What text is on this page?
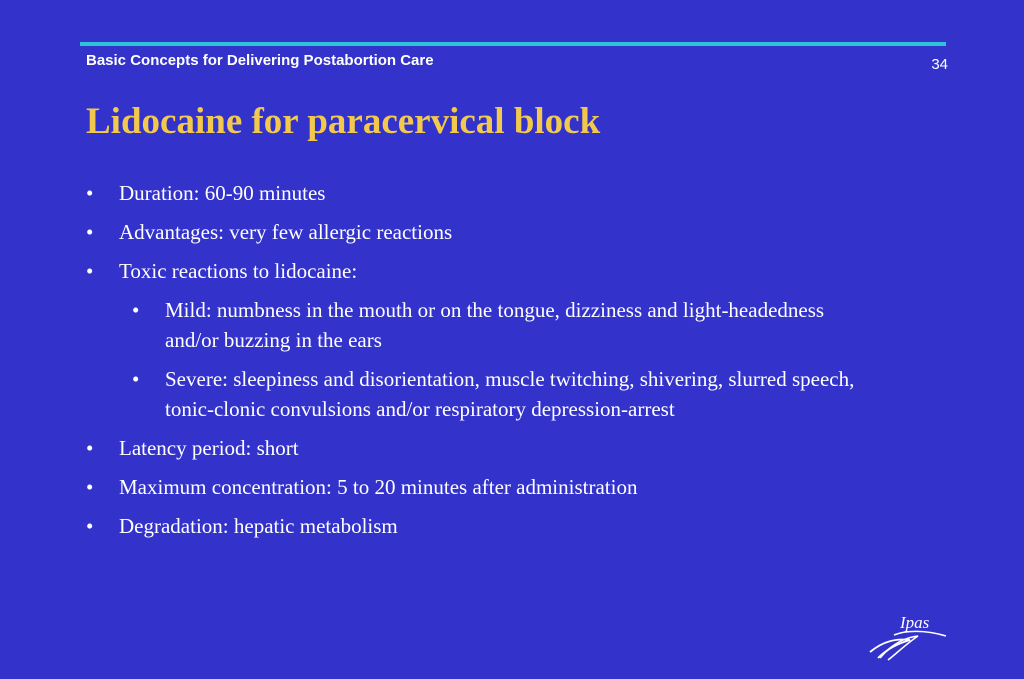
Basic Concepts for Delivering Postabortion Care	34
Lidocaine for paracervical block
• Duration: 60-90 minutes
• Advantages: very few allergic reactions
• Toxic reactions to lidocaine:
• Mild: numbness in the mouth or on the tongue, dizziness and light-headedness and/or buzzing in the ears
• Severe: sleepiness and disorientation, muscle twitching, shivering, slurred speech, tonic-clonic convulsions and/or respiratory depression-arrest
• Latency period: short
• Maximum concentration: 5 to 20 minutes after administration
• Degradation: hepatic metabolism
Ipas
